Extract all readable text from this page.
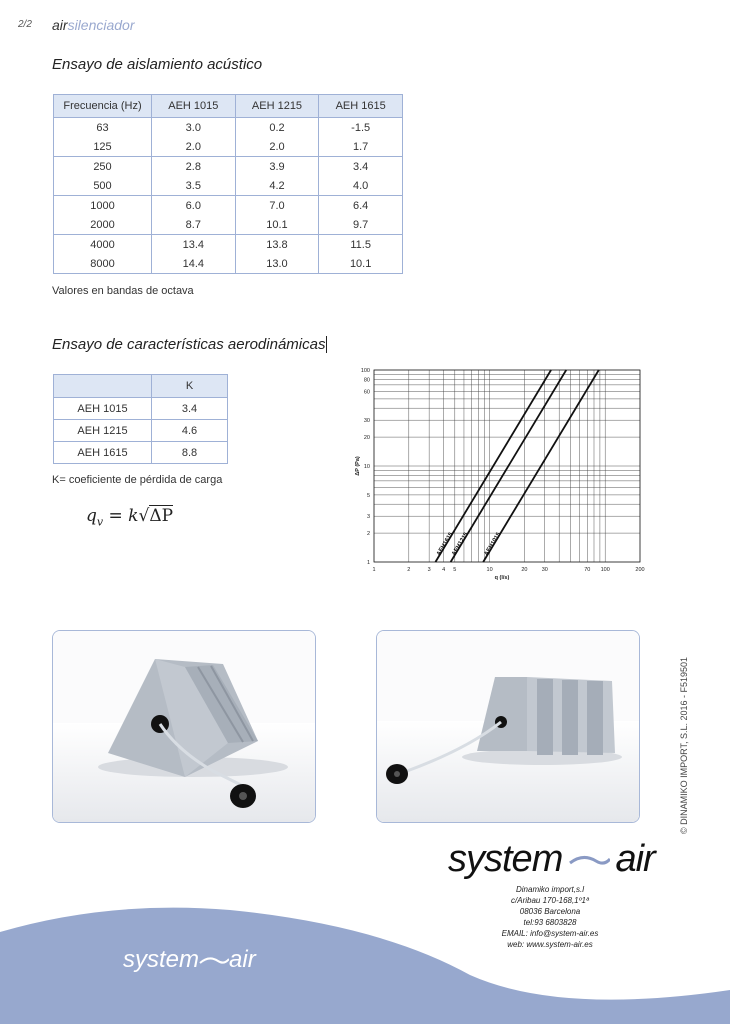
2/2 airsilenciador
Ensayo de aislamiento acústico
Frecuencia (Hz)	AEH 1015	AEH 1215	AEH 1615
63	3.0	0.2	-1.5
125	2.0	2.0	1.7
250	2.8	3.9	3.4
500	3.5	4.2	4.0
1000	6.0	7.0	6.4
2000	8.7	10.1	9.7
4000	13.4	13.8	11.5
8000	14.4	13.0	10.1
Valores en bandas de octava
Ensayo de características aerodinámicas
	K
AEH 1015	3.4
AEH 1215	4.6
AEH 1615	8.8
K= coeficiente de pérdida de carga
$q_v = k√\Delta P$
1	2	3 4 5	10	20	30	70 100	200
1
2
3
5
10
20
30
60
80
100
q (l/s)
ΔP (Pa)
AEH1615
AEH1215 AEH1015
© DINAMIKO IMPORT, S.L. 2016 - F519501
system air
Dinamiko import,s.l
c/Aribau 170-168,1º1ª
08036 Barcelona
tel:93 6803828
EMAIL: info@system-air.es
web: www.system-air.es
system air
